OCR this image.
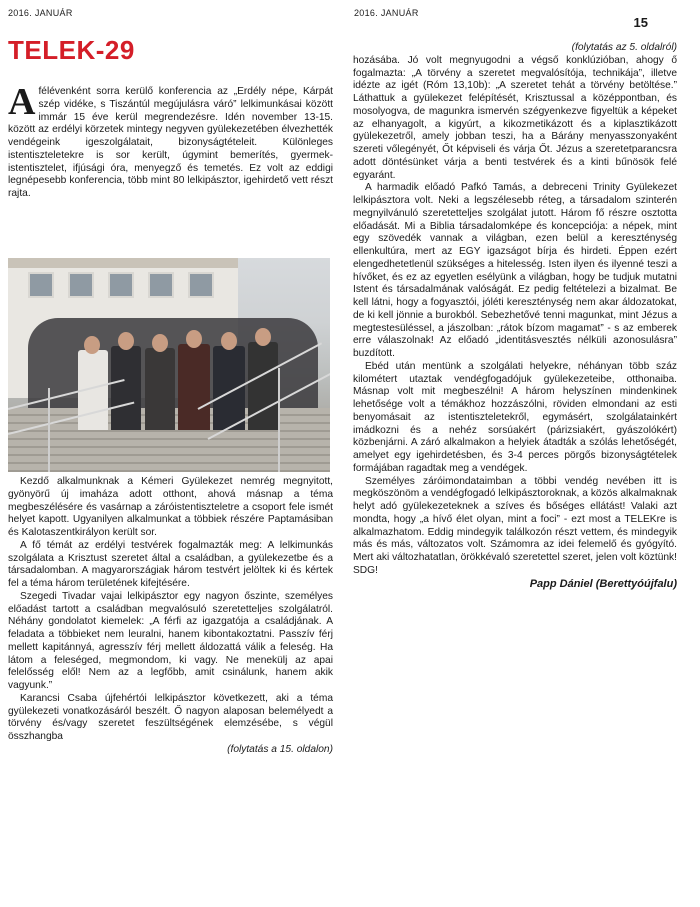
2016. JANUÁR	2016. JANUÁR
15
TELEK-29

A félévenként sorra kerülő konferencia az „Erdély népe, Kárpát szép vidéke, s Tiszántúl megújulásra váró” lelkimunkásai között immár 15 éve kerül megrendezésre. Idén november 13-15. között az erdélyi körzetek mintegy negyven gyülekezetében élvezhették vendégeink igeszolgálatait, bizonyságtételeit. Különleges istentiszteletekre is sor került, úgymint bemerítés, gyermek-istentisztelet, ifjúsági óra, menyegző és temetés. Ez volt az eddigi legnépesebb konferencia, több mint 80 lelkipásztor, igehirdető vett részt rajta.

Kezdő alkalmunknak a Kémeri Gyülekezet nemrég megnyitott, gyönyörű új imaháza adott otthont, ahová másnap a téma megbeszélésére és vasárnap a záróistentiszteletre a csoport fele ismét helyet kapott. Ugyanilyen alkalmunkat a többiek részére Paptamásiban és Kalotaszentkirályon került sor.

A fő témát az erdélyi testvérek fogalmazták meg: A lelkimunkás szolgálata a Krisztust szeretet által a családban, a gyülekezetbe és a társadalomban. A magyarországiak három testvért jelöltek ki és kértek fel a téma három területének kifejtésére.

Szegedi Tivadar vajai lelkipásztor egy nagyon őszinte, személyes előadást tartott a családban megvalósuló szeretetteljes szolgálatról. Néhány gondolatot kiemelek: „A férfi az igazgatója a családjának. A feladata a többieket nem leuralni, hanem kibontakoztatni. Passzív férj mellett kapitánnyá, agresszív férj mellett áldozattá válik a feleség. Ha látom a feleséged, megmondom, ki vagy. Ne menekülj az apai felelősség elől! Nem az a legfőbb, amit csinálunk, hanem akik vagyunk.”

Karancsi Csaba újfehértói lelkipásztor következett, aki a téma gyülekezeti vonatkozásáról beszélt. Ő nagyon alaposan belemélyedt a törvény és/vagy szeretet feszültségének elemzésébe, s végül összhangba

(folytatás a 15. oldalon)

(folytatás az 5. oldalról)

hozásába. Jó volt megnyugodni a végső konklúzióban, ahogy ő fogalmazta: „A törvény a szeretet megvalósítója, technikája”, illetve idézte az igét (Róm 13,10b): „A szeretet tehát a törvény betöltése.” Láthattuk a gyülekezet felépítését, Krisztussal a középpontban, és mosolyogva, de magunkra ismervén szégyenkezve figyeltük a képeket az elhanyagolt, a kigyúrt, a kikozmetikázott és a kiplasztikázott gyülekezetről, amely jobban teszi, ha a Bárány menyasszonyaként szereti vőlegényét, Őt képviseli és várja Őt. Jézus a szeretetparancsra adott döntésünket várja a benti testvérek és a kinti bűnösök felé egyaránt.

A harmadik előadó Pafkó Tamás, a debreceni Trinity Gyülekezet lelkipásztora volt. Neki a legszélesebb réteg, a társadalom szinterén megnyilvánuló szeretetteljes szolgálat jutott. Három fő részre osztotta előadását. Mi a Biblia társadalomképe és koncepciója: a népek, mint egy szövedék vannak a világban, ezen belül a kereszténység ellenkultúra, mert az EGY igazságot bírja és hirdeti. Éppen ezért elengedhetetlenül szükséges a hitelesség. Isten ilyen és ilyenné teszi a hívőket, és ez az egyetlen esélyünk a világban, hogy be tudjuk mutatni Istent és társadalmának valóságát. Ez pedig feltételezi a bizalmat. Be kell látni, hogy a fogyasztói, jóléti kereszténység nem akar áldozatokat, de ki kell jönnie a burokból. Sebezhetővé tenni magunkat, mint Jézus a megtestesüléssel, a jászolban: „rátok bízom magamat” - s az emberek erre válaszolnak! Az előadó „identitásvesztés nélküli azonosulásra” buzdított.

Ebéd után mentünk a szolgálati helyekre, néhányan több száz kilométert utaztak vendégfogadójuk gyülekezeteibe, otthonaiba. Másnap volt mit megbeszélni! A három helyszínen mindenkinek lehetősége volt a témákhoz hozzászólni, röviden elmondani az esti benyomásait az istentiszteletekről, egymásért, szolgálatainkért imádkozni és a nehéz sorsúakért (párizsiakért, gyászolókért) közbenjárni. A záró alkalmakon a helyiek átadták a szólás lehetőségét, amelyet egy igehirdetésben, és 3-4 perces pörgős bizonyságtételek formájában ragadtak meg a vendégek.

Személyes záróimondataimban a többi vendég nevében itt is megköszönöm a vendégfogadó lelkipásztoroknak, a közös alkalmaknak helyt adó gyülekezeteknek a szíves és bőséges ellátást! Valaki azt mondta, hogy „a hívő élet olyan, mint a foci” - ezt most a TELEKre is alkalmazhatom. Eddig mindegyik találkozón részt vettem, és mindegyik más és más, változatos volt. Számomra az idei felemelő és gyógyító. Mert aki változhatatlan, örökkévaló szeretettel szeret, jelen volt köztünk! SDG!

Papp Dániel (Berettyóújfalu)
